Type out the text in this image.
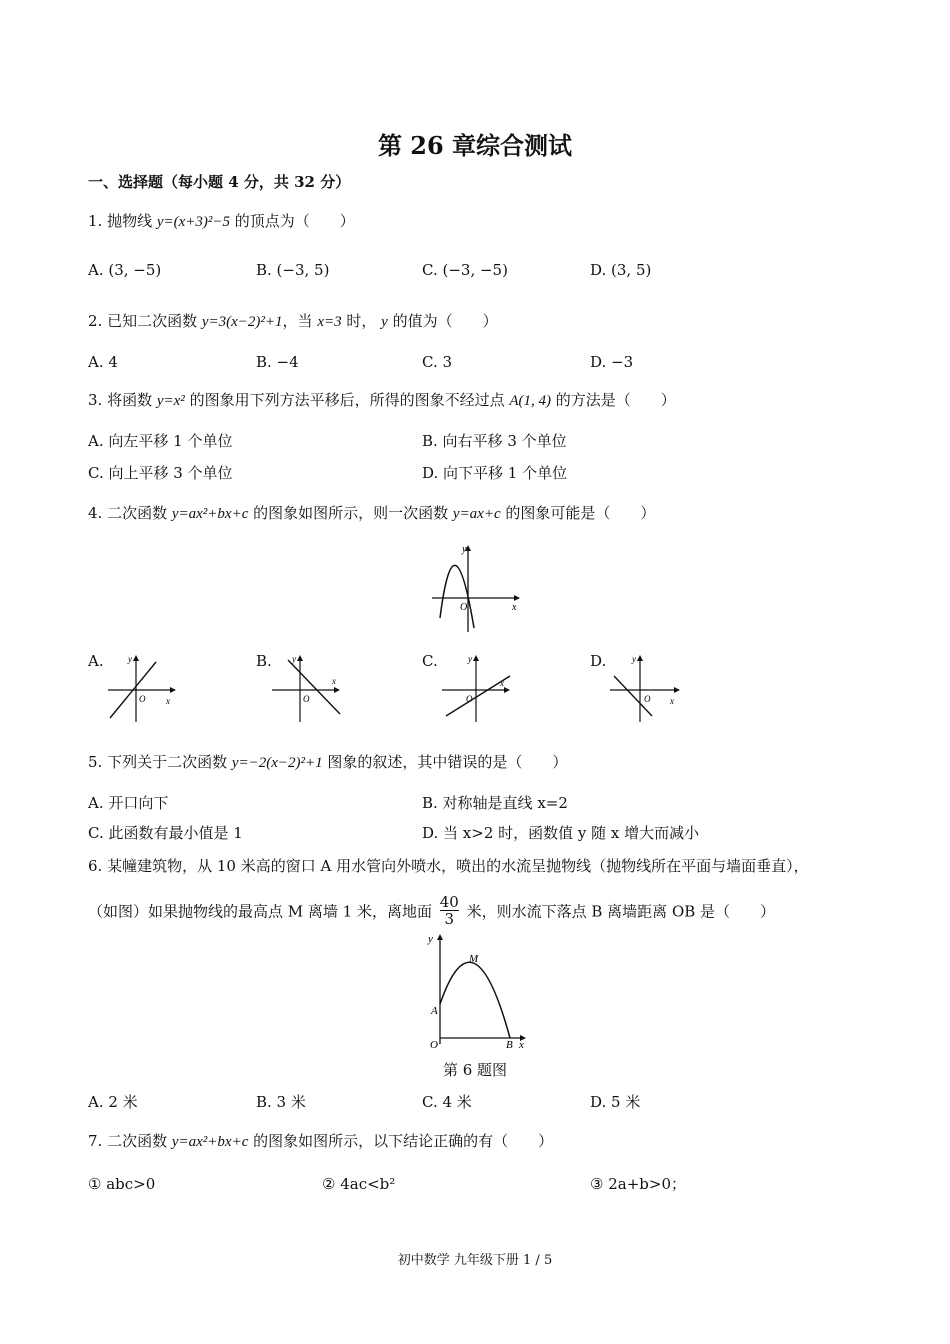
第 26 章综合测试
一、选择题（每小题 4 分，共 32 分）
1. 抛物线 y=(x+3)²−5 的顶点为（　　）
A. (3, −5)	B. (−3, 5)	C. (−3, −5)	D. (3, 5)
2. 已知二次函数 y=3(x−2)²+1，当 x=3 时， y 的值为（　　）
A. 4	B. −4	C. 3	D. −3
3. 将函数 y=x² 的图象用下列方法平移后，所得的图象不经过点 A(1, 4) 的方法是（　　）
A. 向左平移 1 个单位	B. 向右平移 3 个单位
C. 向上平移 3 个单位	D. 向下平移 1 个单位
4. 二次函数 y=ax²+bx+c 的图象如图所示，则一次函数 y=ax+c 的图象可能是（　　）
y
x
O
A.	y
x
O
B. y
x
O
C.	y
x
O
D.	y
x
O
5. 下列关于二次函数 y=−2(x−2)²+1 图象的叙述，其中错误的是（　　）
A. 开口向下	B. 对称轴是直线 x=2
C. 此函数有最小值是 1	D. 当 x>2 时，函数值 y 随 x 增大而减小
6. 某幢建筑物，从 10 米高的窗口 A 用水管向外喷水，喷出的水流呈抛物线（抛物线所在平面与墙面垂直），
（如图）如果抛物线的最高点 M 离墙 1 米，离地面 $\frac{40}{3}$ 米，则水流下落点 B 离墙距离 OB 是（　　）
y
x
O
A
M
B
第 6 题图
A. 2 米	B. 3 米	C. 4 米	D. 5 米
7. 二次函数 y=ax²+bx+c 的图象如图所示，以下结论正确的有（　　）
① abc>0	② 4ac<b²	③ 2a+b>0；
初中数学 九年级下册 1 / 5
